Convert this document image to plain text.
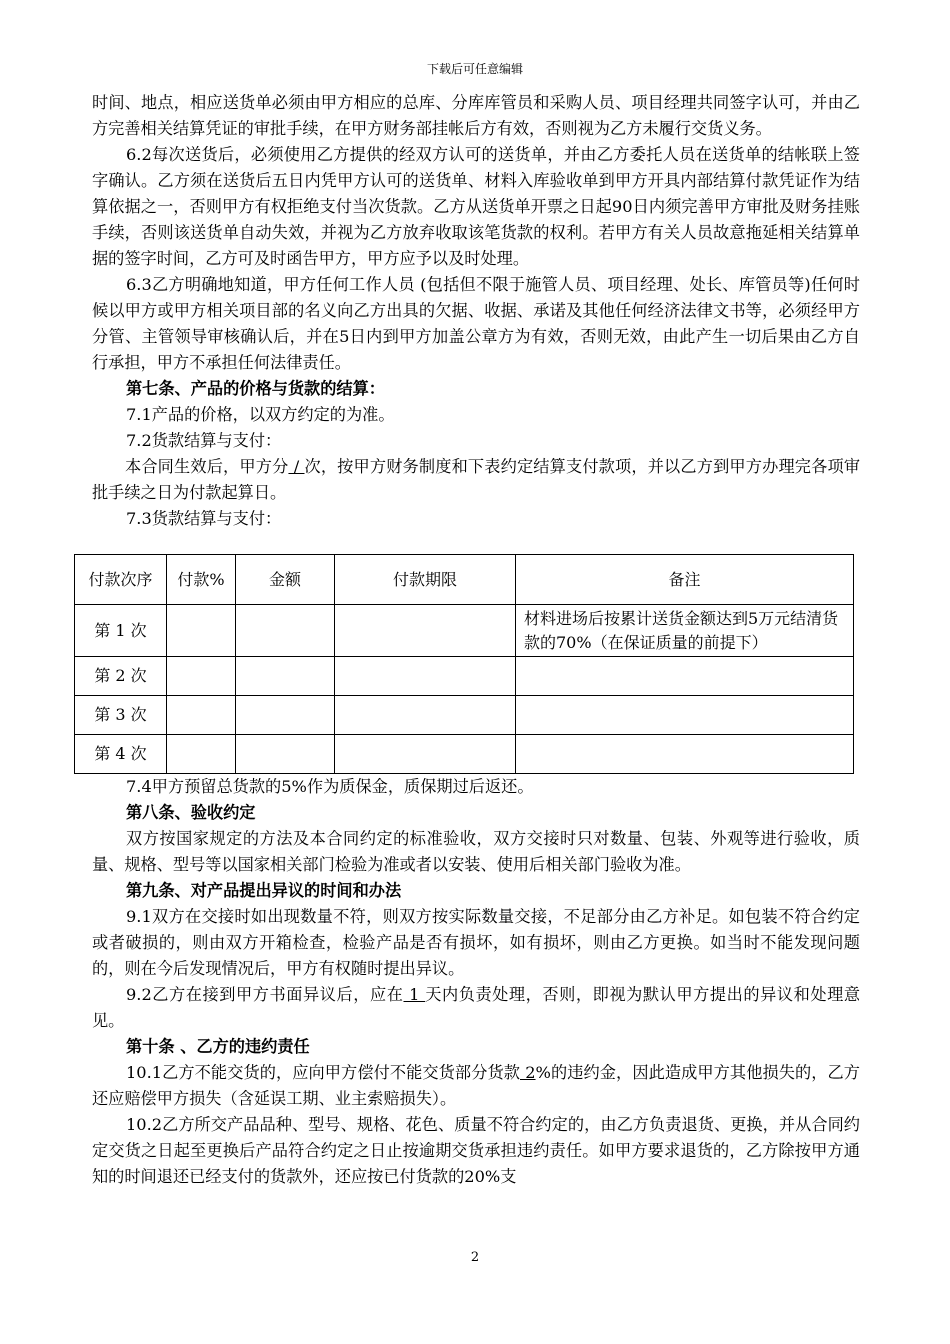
下载后可任意编辑

时间、地点，相应送货单必须由甲方相应的总库、分库库管员和采购人员、项目经理共同签字认可，并由乙方完善相关结算凭证的审批手续，在甲方财务部挂帐后方有效，否则视为乙方未履行交货义务。

6.2每次送货后，必须使用乙方提供的经双方认可的送货单，并由乙方委托人员在送货单的结帐联上签字确认。乙方须在送货后五日内凭甲方认可的送货单、材料入库验收单到甲方开具内部结算付款凭证作为结算依据之一，否则甲方有权拒绝支付当次货款。乙方从送货单开票之日起90日内须完善甲方审批及财务挂账手续，否则该送货单自动失效，并视为乙方放弃收取该笔货款的权利。若甲方有关人员故意拖延相关结算单据的签字时间，乙方可及时函告甲方，甲方应予以及时处理。

6.3乙方明确地知道，甲方任何工作人员 (包括但不限于施管人员、项目经理、处长、库管员等)任何时候以甲方或甲方相关项目部的名义向乙方出具的欠据、收据、承诺及其他任何经济法律文书等，必须经甲方分管、主管领导审核确认后，并在5日内到甲方加盖公章方为有效，否则无效，由此产生一切后果由乙方自行承担，甲方不承担任何法律责任。

第七条、产品的价格与货款的结算：

7.1产品的价格，以双方约定的为准。

7.2货款结算与支付：

本合同生效后，甲方分 / 次，按甲方财务制度和下表约定结算支付款项，并以乙方到甲方办理完各项审批手续之日为付款起算日。

7.3货款结算与支付：

付款次序	付款%	金额	付款期限	备注
第 1 次				材料进场后按累计送货金额达到5万元结清货款的70%（在保证质量的前提下）
第 2 次				
第 3 次				
第 4 次				

7.4甲方预留总货款的5%作为质保金，质保期过后返还。

第八条、验收约定

双方按国家规定的方法及本合同约定的标准验收，双方交接时只对数量、包装、外观等进行验收，质量、规格、型号等以国家相关部门检验为准或者以安装、使用后相关部门验收为准。

第九条、对产品提出异议的时间和办法

9.1双方在交接时如出现数量不符，则双方按实际数量交接，不足部分由乙方补足。如包装不符合约定或者破损的，则由双方开箱检查，检验产品是否有损坏，如有损坏，则由乙方更换。如当时不能发现问题的，则在今后发现情况后，甲方有权随时提出异议。

9.2乙方在接到甲方书面异议后，应在 1 天内负责处理，否则，即视为默认甲方提出的异议和处理意见。

第十条 、乙方的违约责任

10.1乙方不能交货的，应向甲方偿付不能交货部分货款 2%的违约金，因此造成甲方其他损失的，乙方还应赔偿甲方损失（含延误工期、业主索赔损失）。

10.2乙方所交产品品种、型号、规格、花色、质量不符合约定的，由乙方负责退货、更换，并从合同约定交货之日起至更换后产品符合约定之日止按逾期交货承担违约责任。如甲方要求退货的，乙方除按甲方通知的时间退还已经支付的货款外，还应按已付货款的20%支

2
